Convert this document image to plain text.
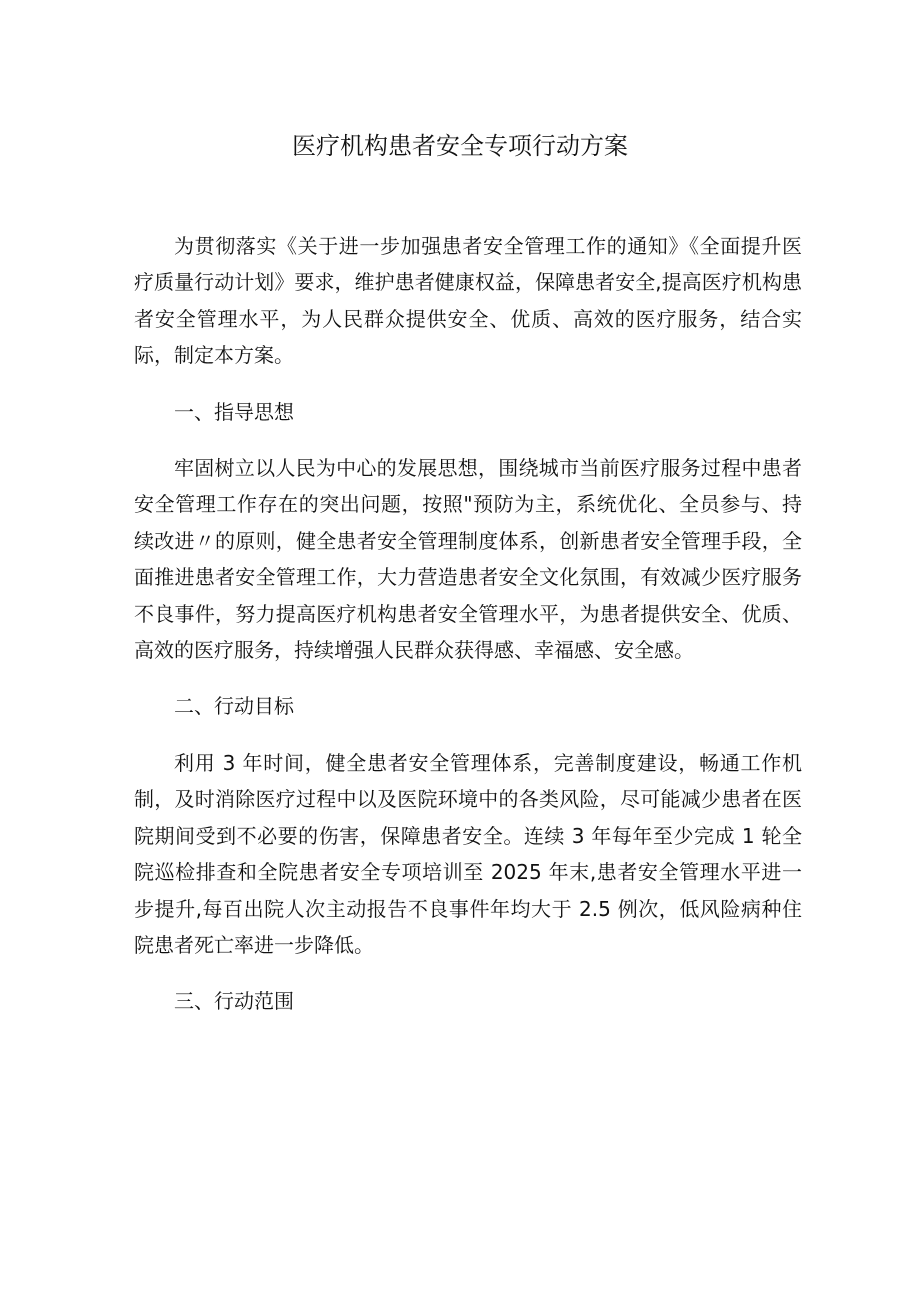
医疗机构患者安全专项行动方案

为贯彻落实《关于进一步加强患者安全管理工作的通知》《全面提升医疗质量行动计划》要求，维护患者健康权益，保障患者安全,提高医疗机构患者安全管理水平，为人民群众提供安全、优质、高效的医疗服务，结合实际，制定本方案。

一、指导思想

牢固树立以人民为中心的发展思想，围绕城市当前医疗服务过程中患者安全管理工作存在的突出问题，按照"预防为主，系统优化、全员参与、持续改进〃的原则，健全患者安全管理制度体系，创新患者安全管理手段，全面推进患者安全管理工作，大力营造患者安全文化氛围，有效减少医疗服务不良事件，努力提高医疗机构患者安全管理水平，为患者提供安全、优质、高效的医疗服务，持续增强人民群众获得感、幸福感、安全感。

二、行动目标

利用 3 年时间，健全患者安全管理体系，完善制度建设，畅通工作机制，及时消除医疗过程中以及医院环境中的各类风险，尽可能减少患者在医院期间受到不必要的伤害，保障患者安全。连续 3 年每年至少完成 1 轮全院巡检排查和全院患者安全专项培训至 2025 年末,患者安全管理水平进一步提升,每百出院人次主动报告不良事件年均大于 2.5 例次，低风险病种住院患者死亡率进一步降低。

三、行动范围
